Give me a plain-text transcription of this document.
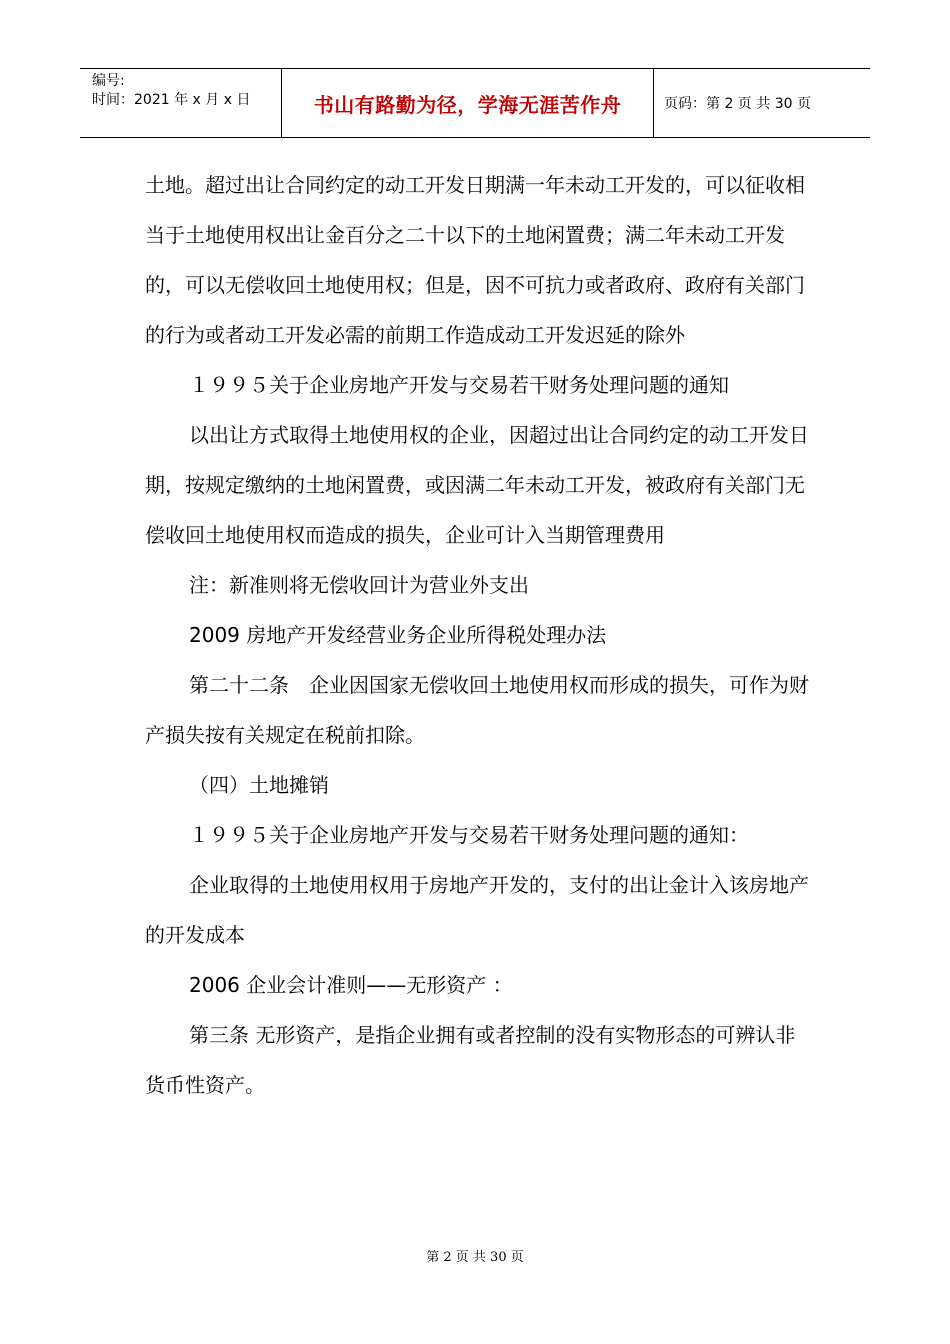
编号:
时间：2021 年 x 月 x 日	书山有路勤为径，学海无涯苦作舟	页码：第 2 页 共 30 页

土地。超过出让合同约定的动工开发日期满一年未动工开发的，可以征收相当于土地使用权出让金百分之二十以下的土地闲置费；满二年未动工开发的，可以无偿收回土地使用权；但是，因不可抗力或者政府、政府有关部门的行为或者动工开发必需的前期工作造成动工开发迟延的除外

１９９５关于企业房地产开发与交易若干财务处理问题的通知

以出让方式取得土地使用权的企业，因超过出让合同约定的动工开发日期，按规定缴纳的土地闲置费，或因满二年未动工开发，被政府有关部门无偿收回土地使用权而造成的损失，企业可计入当期管理费用

注：新准则将无偿收回计为营业外支出

2009 房地产开发经营业务企业所得税处理办法

第二十二条　企业因国家无偿收回土地使用权而形成的损失，可作为财产损失按有关规定在税前扣除。

（四）土地摊销

１９９５关于企业房地产开发与交易若干财务处理问题的通知：

企业取得的土地使用权用于房地产开发的，支付的出让金计入该房地产的开发成本

2006 企业会计准则——无形资产 ：

第三条 无形资产，是指企业拥有或者控制的没有实物形态的可辨认非货币性资产。

第 2 页 共 30 页
